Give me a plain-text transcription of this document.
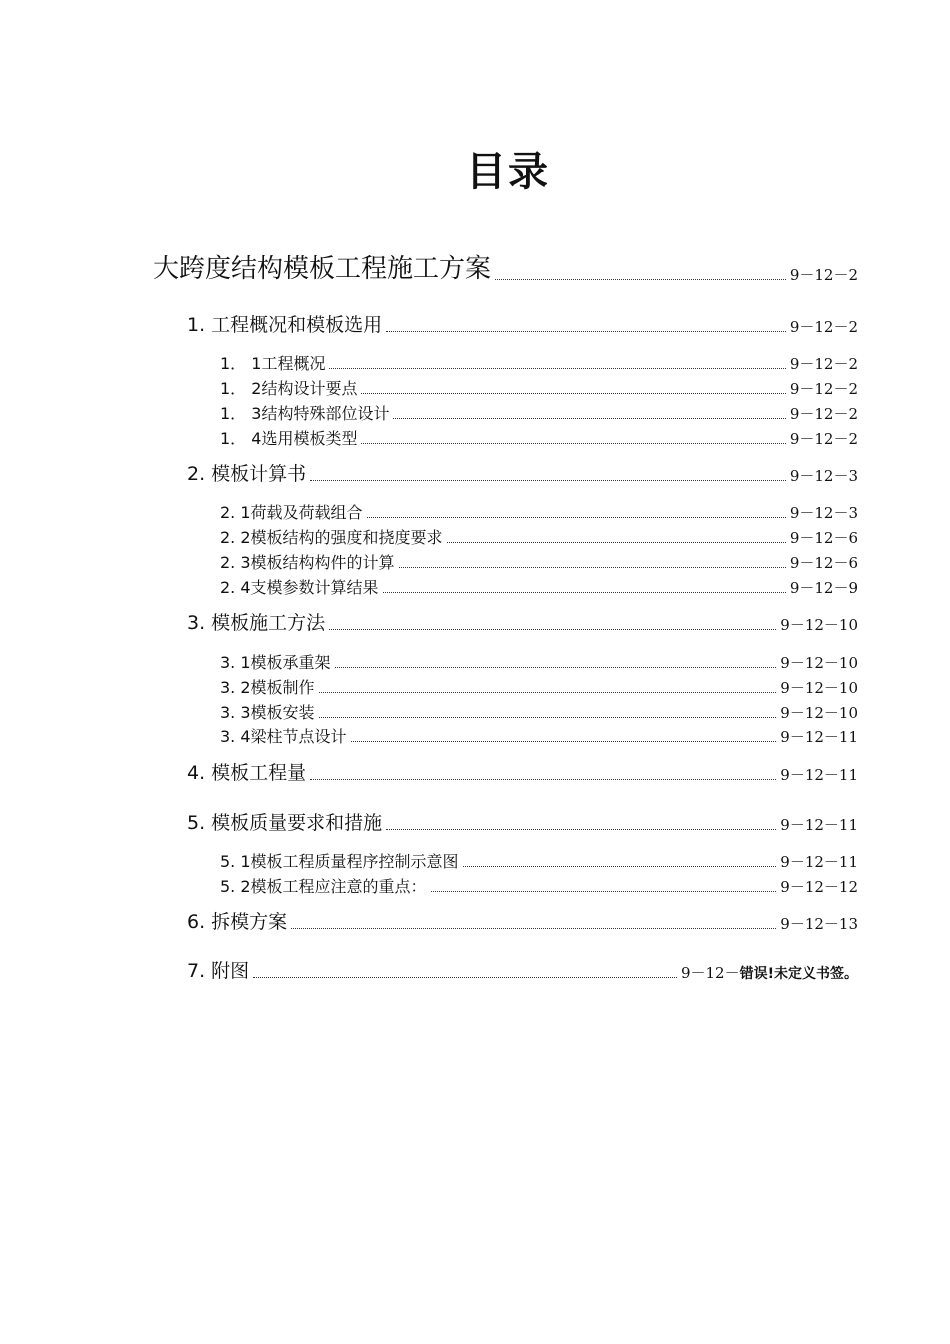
目录
大跨度结构模板工程施工方案	9－12－2
1. 工程概况和模板选用	9－12－2
1． 1工程概况	9－12－2
1． 2结构设计要点	9－12－2
1． 3结构特殊部位设计	9－12－2
1． 4选用模板类型	9－12－2
2. 模板计算书	9－12－3
2. 1荷载及荷载组合	9－12－3
2. 2模板结构的强度和挠度要求	9－12－6
2. 3模板结构构件的计算	9－12－6
2. 4支模参数计算结果	9－12－9
3. 模板施工方法	9－12－10
3. 1模板承重架	9－12－10
3. 2模板制作	9－12－10
3. 3模板安装	9－12－10
3. 4梁柱节点设计	9－12－11
4. 模板工程量	9－12－11
5. 模板质量要求和措施	9－12－11
5. 1模板工程质量程序控制示意图	9－12－11
5. 2模板工程应注意的重点：	9－12－12
6. 拆模方案	9－12－13
7. 附图	9－12－错误!未定义书签。
